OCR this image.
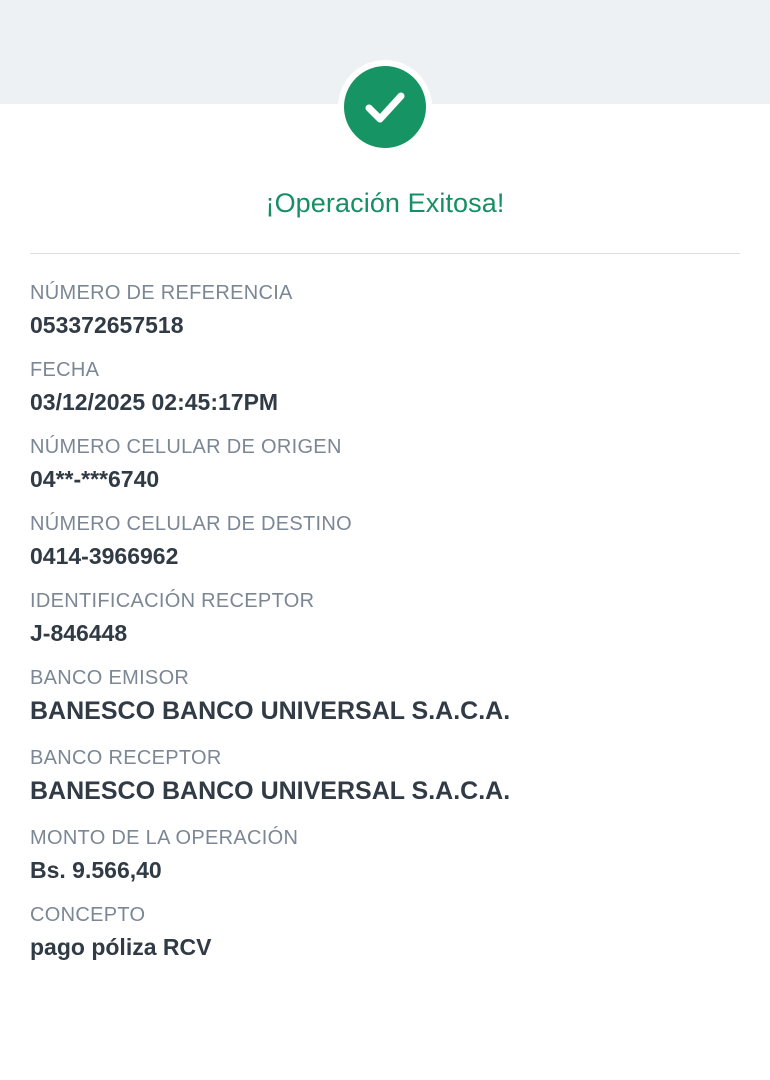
¡Operación Exitosa!
NÚMERO DE REFERENCIA
053372657518
FECHA
03/12/2025 02:45:17PM
NÚMERO CELULAR DE ORIGEN
04**-***6740
NÚMERO CELULAR DE DESTINO
0414-3966962
IDENTIFICACIÓN RECEPTOR
J-846448
BANCO EMISOR
BANESCO BANCO UNIVERSAL S.A.C.A.
BANCO RECEPTOR
BANESCO BANCO UNIVERSAL S.A.C.A.
MONTO DE LA OPERACIÓN
Bs. 9.566,40
CONCEPTO
pago póliza RCV
